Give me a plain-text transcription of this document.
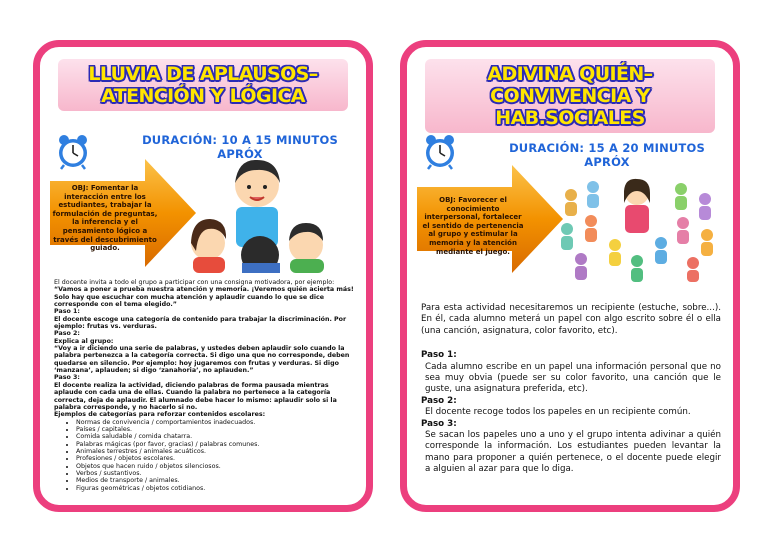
LLUVIA DE APLAUSOS– ATENCIÓN Y LÓGICA
DURACIÓN: 10 A 15 MINUTOS APRÓX
OBJ: Fomentar la interacción entre los estudiantes, trabajar la formulación de preguntas, la inferencia y el pensamiento lógico a través del descubrimiento guiado.

El docente invita a todo el grupo a participar con una consigna motivadora, por ejemplo:

“Vamos a poner a prueba nuestra atención y memoria. ¡Veremos quién acierta más! Solo hay que escuchar con mucha atención y aplaudir cuando lo que se dice corresponde con el tema elegido.”

Paso 1:

El docente escoge una categoría de contenido para trabajar la discriminación. Por ejemplo: frutas vs. verduras.

Paso 2:

Explica al grupo:

“Voy a ir diciendo una serie de palabras, y ustedes deben aplaudir solo cuando la palabra pertenezca a la categoría correcta. Si digo una que no corresponde, deben quedarse en silencio. Por ejemplo: hoy jugaremos con frutas y verduras. Si digo ‘manzana’, aplauden; si digo ‘zanahoria’, no aplauden.”

Paso 3:

El docente realiza la actividad, diciendo palabras de forma pausada mientras aplaude con cada una de ellas. Cuando la palabra no pertenece a la categoría correcta, deja de aplaudir. El alumnado debe hacer lo mismo: aplaudir solo si la palabra corresponde, y no hacerlo si no.

Ejemplos de categorías para reforzar contenidos escolares:

• Normas de convivencia / comportamientos inadecuados.
• Países / capitales.
• Comida saludable / comida chatarra.
• Palabras mágicas (por favor, gracias) / palabras comunes.
• Animales terrestres / animales acuáticos.
• Profesiones / objetos escolares.
• Objetos que hacen ruido / objetos silenciosos.
• Verbos / sustantivos.
• Medios de transporte / animales.
• Figuras geométricas / objetos cotidianos.
ADIVINA QUIÉN–CONVIVENCIA Y HAB.SOCIALES
DURACIÓN: 15 A 20 MINUTOS APRÓX
OBJ: Favorecer el conocimiento interpersonal, fortalecer el sentido de pertenencia al grupo y estimular la memoria y la atención mediante el juego.

Para esta actividad necesitaremos un recipiente (estuche, sobre...). En él, cada alumno meterá un papel con algo escrito sobre él o ella (una canción, asignatura, color favorito, etc).

Paso 1:

Cada alumno escribe en un papel una información personal que no sea muy obvia (puede ser su color favorito, una canción que le guste, una asignatura preferida, etc).

Paso 2:

El docente recoge todos los papeles en un recipiente común.

Paso 3:

Se sacan los papeles uno a uno y el grupo intenta adivinar a quién corresponde la información. Los estudiantes pueden levantar la mano para proponer a quién pertenece, o el docente puede elegir a alguien al azar para que lo diga.
